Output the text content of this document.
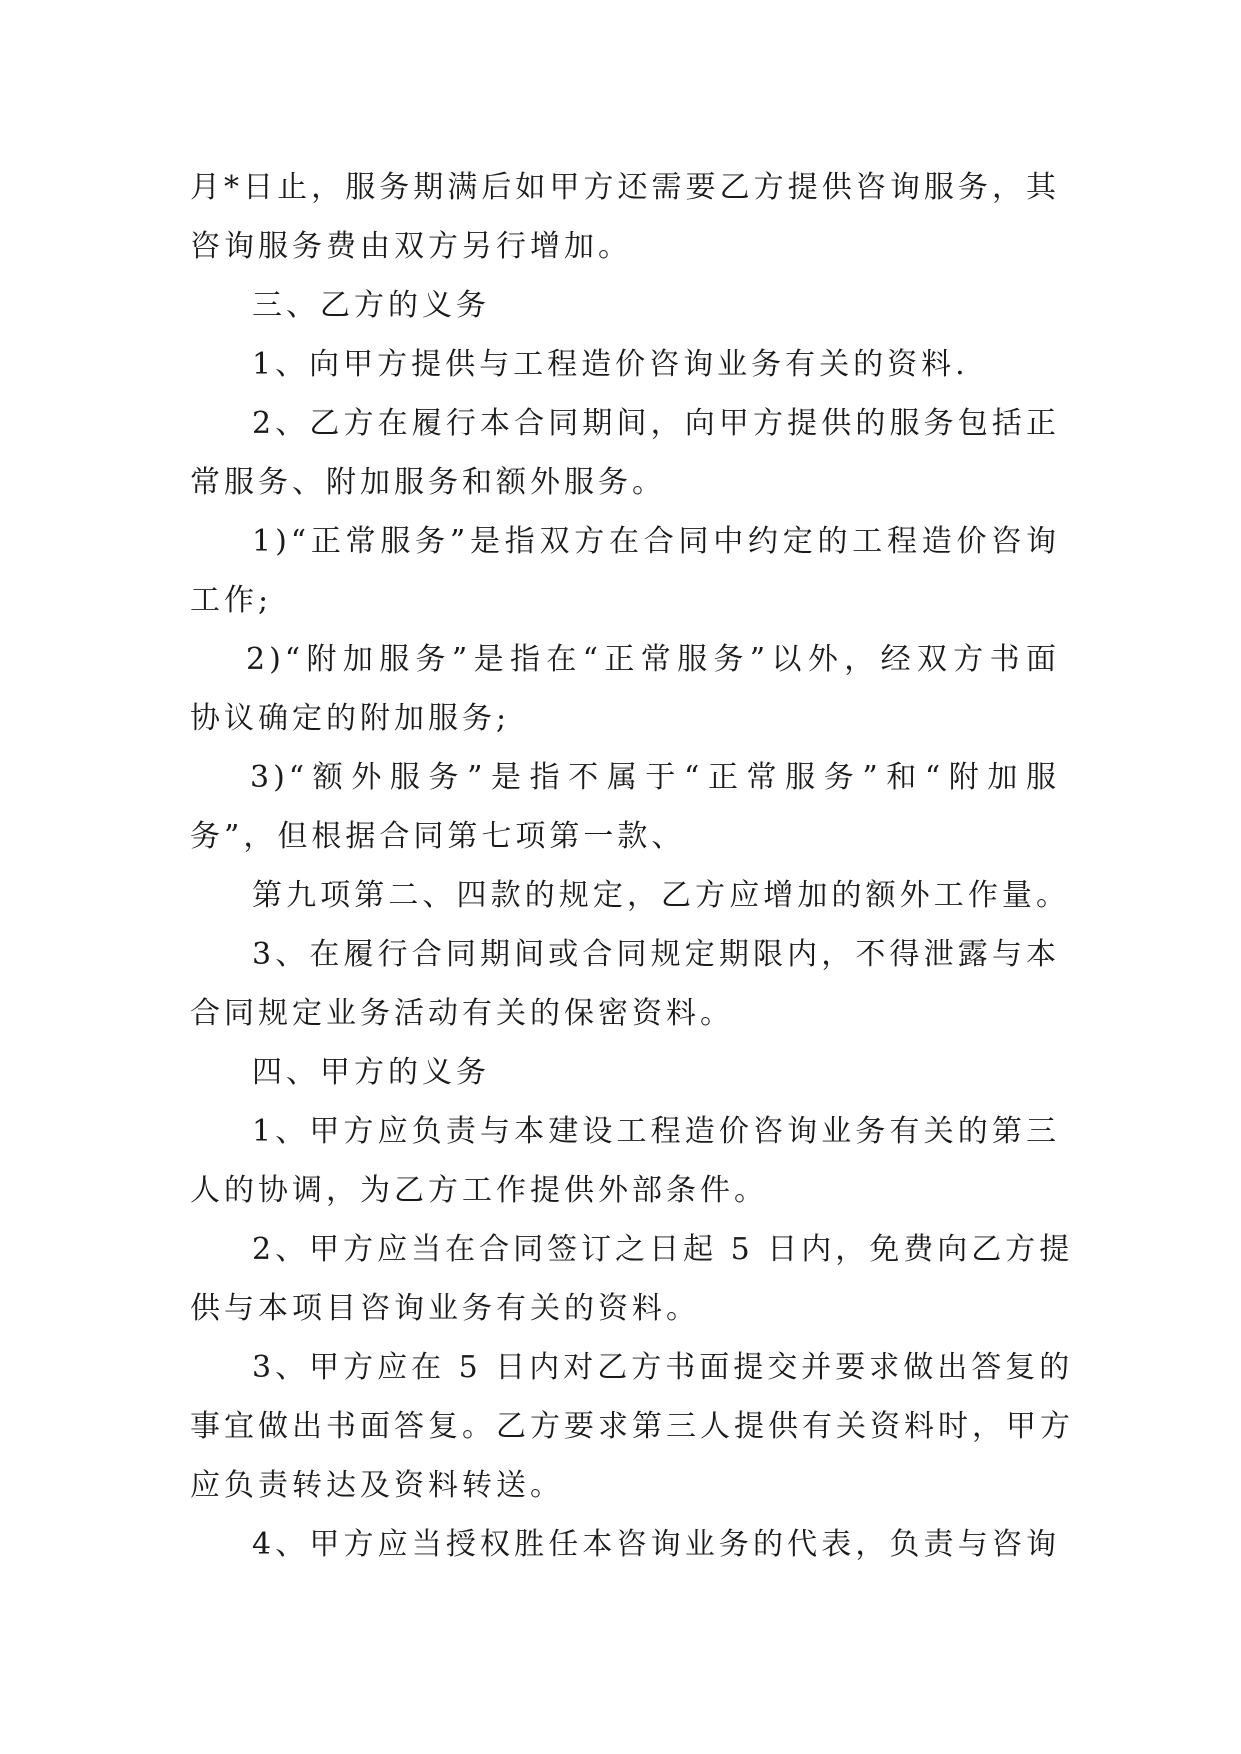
月*日止，服务期满后如甲方还需要乙方提供咨询服务，其
咨询服务费由双方另行增加。
三、乙方的义务
1、向甲方提供与工程造价咨询业务有关的资料.
2、乙方在履行本合同期间，向甲方提供的服务包括正
常服务、附加服务和额外服务。
1)“正常服务”是指双方在合同中约定的工程造价咨询
工作;
2)“附加服务”是指在“正常服务”以外，经双方书面
协议确定的附加服务;
3)“额外服务”是指不属于“正常服务”和“附加服
务”，但根据合同第七项第一款、
第九项第二、四款的规定，乙方应增加的额外工作量。
3、在履行合同期间或合同规定期限内，不得泄露与本
合同规定业务活动有关的保密资料。
四、甲方的义务
1、甲方应负责与本建设工程造价咨询业务有关的第三
人的协调，为乙方工作提供外部条件。
2、甲方应当在合同签订之日起 5 日内，免费向乙方提
供与本项目咨询业务有关的资料。
3、甲方应在 5 日内对乙方书面提交并要求做出答复的
事宜做出书面答复。乙方要求第三人提供有关资料时，甲方
应负责转达及资料转送。
4、甲方应当授权胜任本咨询业务的代表，负责与咨询
